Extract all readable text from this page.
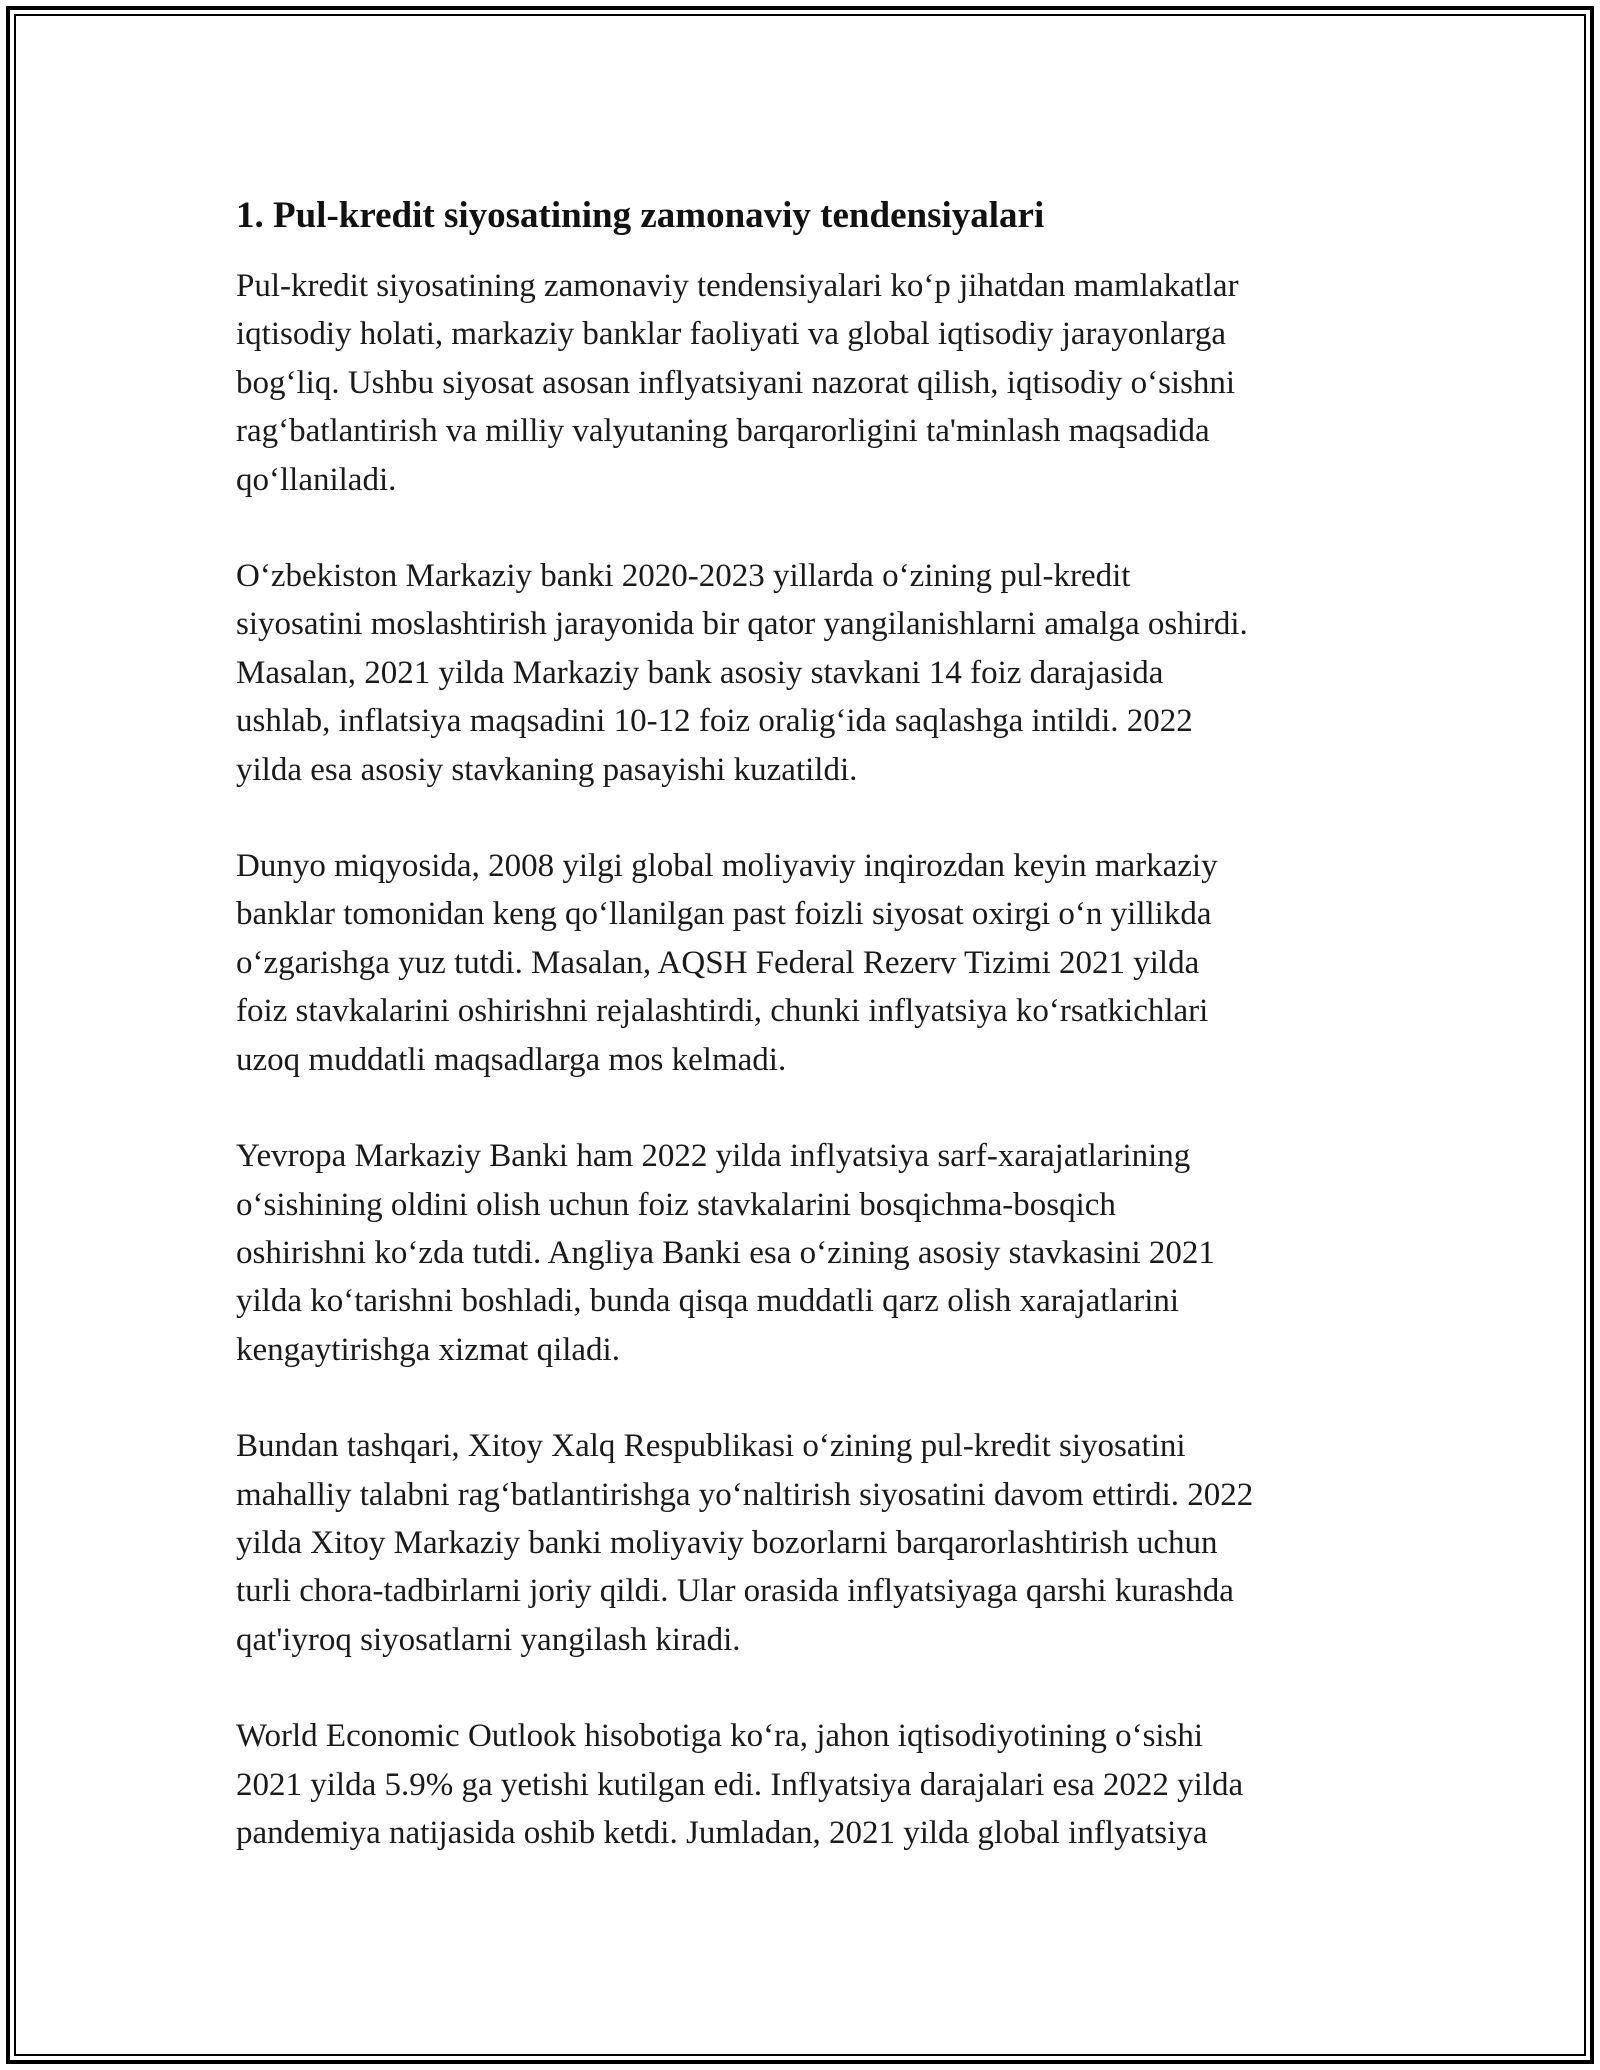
1. Pul-kredit siyosatining zamonaviy tendensiyalari

Pul-kredit siyosatining zamonaviy tendensiyalari ko‘p jihatdan mamlakatlar
iqtisodiy holati, markaziy banklar faoliyati va global iqtisodiy jarayonlarga
bog‘liq. Ushbu siyosat asosan inflyatsiyani nazorat qilish, iqtisodiy o‘sishni
rag‘batlantirish va milliy valyutaning barqarorligini ta'minlash maqsadida
qo‘llaniladi.

O‘zbekiston Markaziy banki 2020-2023 yillarda o‘zining pul-kredit
siyosatini moslashtirish jarayonida bir qator yangilanishlarni amalga oshirdi.
Masalan, 2021 yilda Markaziy bank asosiy stavkani 14 foiz darajasida
ushlab, inflatsiya maqsadini 10-12 foiz oralig‘ida saqlashga intildi. 2022
yilda esa asosiy stavkaning pasayishi kuzatildi.

Dunyo miqyosida, 2008 yilgi global moliyaviy inqirozdan keyin markaziy
banklar tomonidan keng qo‘llanilgan past foizli siyosat oxirgi o‘n yillikda
o‘zgarishga yuz tutdi. Masalan, AQSH Federal Rezerv Tizimi 2021 yilda
foiz stavkalarini oshirishni rejalashtirdi, chunki inflyatsiya ko‘rsatkichlari
uzoq muddatli maqsadlarga mos kelmadi.

Yevropa Markaziy Banki ham 2022 yilda inflyatsiya sarf-xarajatlarining
o‘sishining oldini olish uchun foiz stavkalarini bosqichma-bosqich
oshirishni ko‘zda tutdi. Angliya Banki esa o‘zining asosiy stavkasini 2021
yilda ko‘tarishni boshladi, bunda qisqa muddatli qarz olish xarajatlarini
kengaytirishga xizmat qiladi.

Bundan tashqari, Xitoy Xalq Respublikasi o‘zining pul-kredit siyosatini
mahalliy talabni rag‘batlantirishga yo‘naltirish siyosatini davom ettirdi. 2022
yilda Xitoy Markaziy banki moliyaviy bozorlarni barqarorlashtirish uchun
turli chora-tadbirlarni joriy qildi. Ular orasida inflyatsiyaga qarshi kurashda
qat'iyroq siyosatlarni yangilash kiradi.

World Economic Outlook hisobotiga ko‘ra, jahon iqtisodiyotining o‘sishi
2021 yilda 5.9% ga yetishi kutilgan edi. Inflyatsiya darajalari esa 2022 yilda
pandemiya natijasida oshib ketdi. Jumladan, 2021 yilda global inflyatsiya
